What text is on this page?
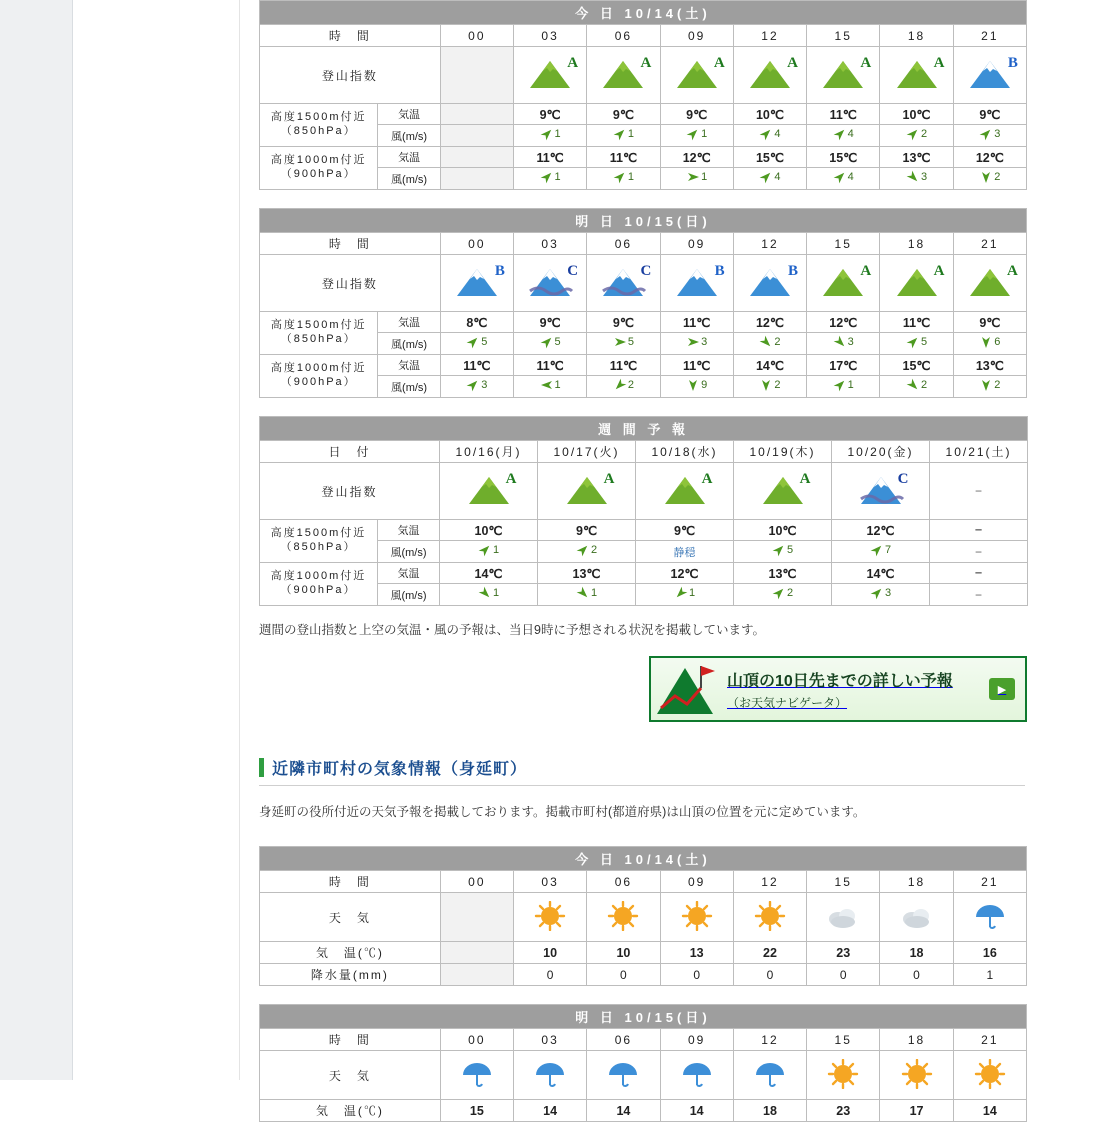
今 日 10/14(土)									
時　間		00	03	06	09	12	15	18	21
登山指数			A	A	A	A	A	A	B

高度1500m付近
（850hPa）	気温		9℃	9℃	9℃	10℃	11℃	10℃	9℃
	風(m/s)		1	1	1	4	4	2	3

高度1000m付近
（900hPa）	気温		11℃	11℃	12℃	15℃	15℃	13℃	12℃
	風(m/s)		1	1	1	4	4	3	2
明 日 10/15(日)									
時　間		00	03	06	09	12	15	18	21
登山指数		B	C	C	B	B	A	A	A

高度1500m付近
（850hPa）	気温	8℃	9℃	9℃	11℃	12℃	12℃	11℃	9℃
	風(m/s)	5	5	5	3	2	3	5	6

高度1000m付近
（900hPa）	気温	11℃	11℃	11℃	11℃	14℃	17℃	15℃	13℃
	風(m/s)	3	1	2	9	2	1	2	2
週 間 予 報							
日　付		10/16(月)	10/17(火)	10/18(水)	10/19(木)	10/20(金)	10/21(土)
登山指数		A	A	A	A	C	−

高度1500m付近
（850hPa）	気温	10℃	9℃	9℃	10℃	12℃	−
	風(m/s)	1	2	静穏	5	7	−

高度1000m付近
（900hPa）	気温	14℃	13℃	12℃	13℃	14℃	−
	風(m/s)	1	1	1	2	3	−
週間の登山指数と上空の気温・風の予報は、当日9時に予想される状況を掲載しています。
山頂の10日先までの詳しい予報
（お天気ナビゲータ）
▶
近隣市町村の気象情報（身延町）
身延町の役所付近の天気予報を掲載しております。掲載市町村(都道府県)は山頂の位置を元に定めています。
今 日 10/14(土)								
時　間	00	03	06	09	12	15	18	21
天　気								
気　温(℃)		10	10	13	22	23	18	16
降水量(mm)		0	0	0	0	0	0	1
明 日 10/15(日)								
時　間	00	03	06	09	12	15	18	21
天　気								
気　温(℃)	15	14	14	14	18	23	17	14
